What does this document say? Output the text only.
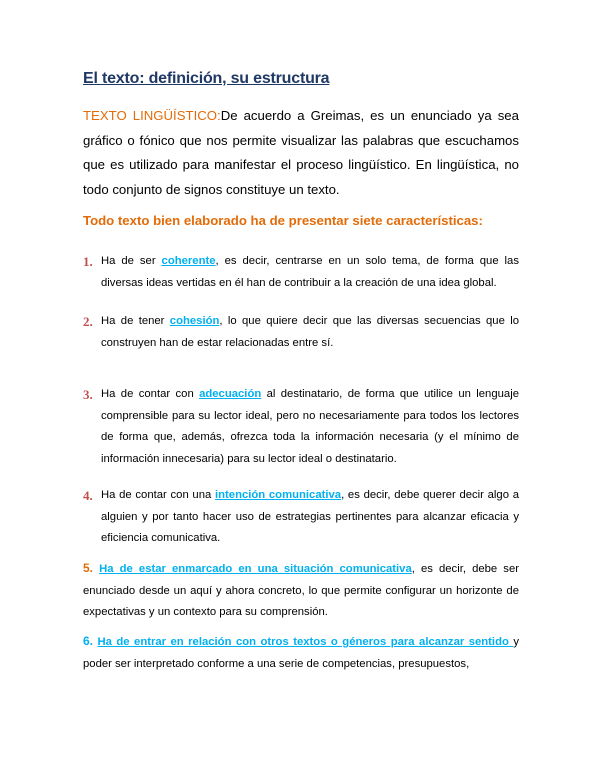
El texto: definición, su estructura
TEXTO LINGÜÍSTICO:De acuerdo a Greimas, es un enunciado ya sea gráfico o fónico que nos permite visualizar las palabras que escuchamos que es utilizado para manifestar el proceso lingüístico. En lingüística, no todo conjunto de signos constituye un texto.
Todo texto bien elaborado ha de presentar siete características:
1. Ha de ser coherente, es decir, centrarse en un solo tema, de forma que las diversas ideas vertidas en él han de contribuir a la creación de una idea global.
2. Ha de tener cohesión, lo que quiere decir que las diversas secuencias que lo construyen han de estar relacionadas entre sí.
3. Ha de contar con adecuación al destinatario, de forma que utilice un lenguaje comprensible para su lector ideal, pero no necesariamente para todos los lectores de forma que, además, ofrezca toda la información necesaria (y el mínimo de información innecesaria) para su lector ideal o destinatario.
4. Ha de contar con una intención comunicativa, es decir, debe querer decir algo a alguien y por tanto hacer uso de estrategias pertinentes para alcanzar eficacia y eficiencia comunicativa.
5. Ha de estar enmarcado en una situación comunicativa, es decir, debe ser enunciado desde un aquí y ahora concreto, lo que permite configurar un horizonte de expectativas y un contexto para su comprensión.
6. Ha de entrar en relación con otros textos o géneros para alcanzar sentido y poder ser interpretado conforme a una serie de competencias, presupuestos,
